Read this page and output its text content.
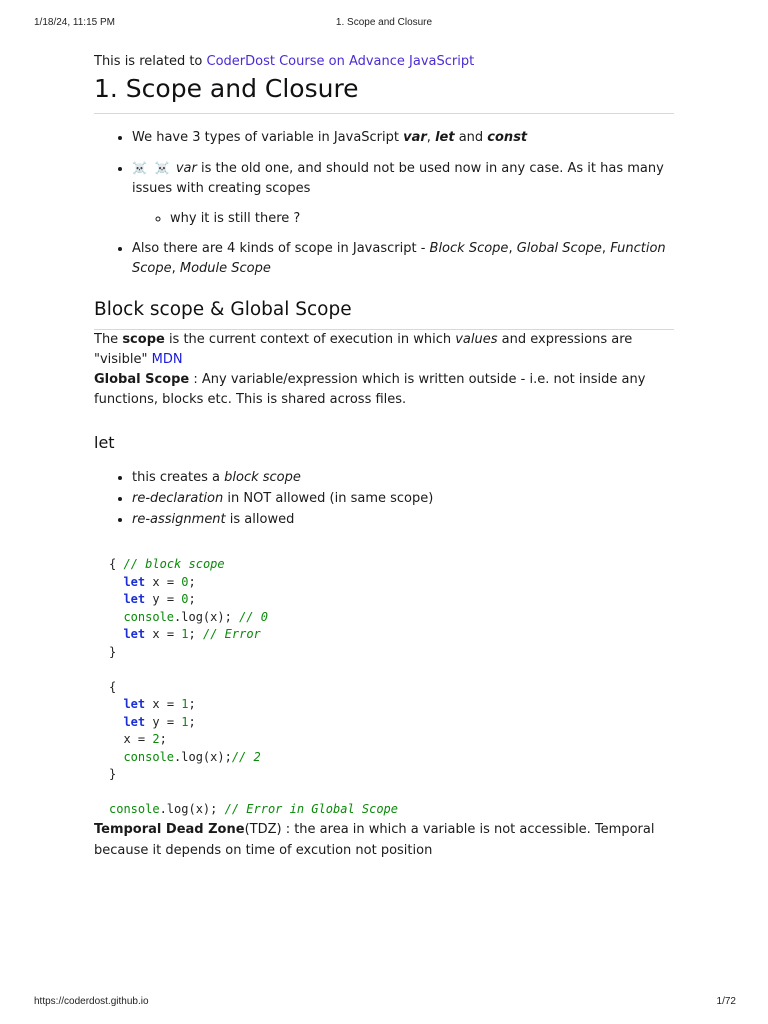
1/18/24, 11:15 PM	1. Scope and Closure

This is related to CoderDost Course on Advance JavaScript

1. Scope and Closure
• We have 3 types of variable in JavaScript var, let and const
• ☠️ ☠️ var is the old one, and should not be used now in any case. As it has many issues with creating scopes
◦ why it is still there ?
• Also there are 4 kinds of scope in Javascript - Block Scope, Global Scope, Function Scope, Module Scope
Block scope & Global Scope

The scope is the current context of execution in which values and expressions are "visible" MDN

Global Scope : Any variable/expression which is written outside - i.e. not inside any functions, blocks etc. This is shared across files.

let
• this creates a block scope
• re-declaration in NOT allowed (in same scope)
• re-assignment is allowed
{ // block scope
let x = 0;
let y = 0;
console.log(x); // 0
let x = 1; // Error
}

{
let x = 1;
let y = 1;
x = 2;
console.log(x);// 2
}

console.log(x); // Error in Global Scope

Temporal Dead Zone(TDZ) : the area in which a variable is not accessible. Temporal because it depends on time of excution not position

https://coderdost.github.io	1/72
